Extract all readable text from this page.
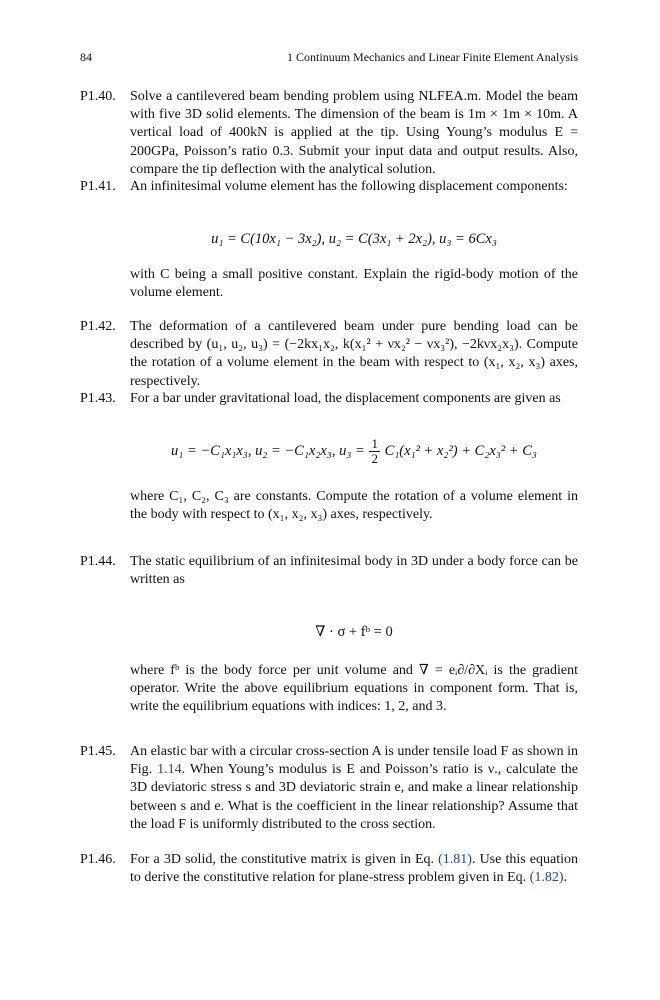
84	1 Continuum Mechanics and Linear Finite Element Analysis
P1.40.	Solve a cantilevered beam bending problem using NLFEA.m. Model the beam with five 3D solid elements. The dimension of the beam is 1m × 1m × 10m. A vertical load of 400kN is applied at the tip. Using Young’s modulus E = 200GPa, Poisson’s ratio 0.3. Submit your input data and output results. Also, compare the tip deflection with the analytical solution.
P1.41.	An infinitesimal volume element has the following displacement components:
u₁ = C(10x₁ − 3x₂), u₂ = C(3x₁ + 2x₂), u₃ = 6Cx₃
with C being a small positive constant. Explain the rigid-body motion of the volume element.
P1.42.	The deformation of a cantilevered beam under pure bending load can be described by (u₁, u₂, u₃) = (−2kx₁x₂, k(x₁² + νx₂² − νx₃²), −2kνx₂x₃). Compute the rotation of a volume element in the beam with respect to (x₁, x₂, x₃) axes, respectively.
P1.43.	For a bar under gravitational load, the displacement components are given as
u₁ = −C₁x₁x₃, u₂ = −C₁x₂x₃, $u_3 = \frac{1}{2} C_1(x_1^2 + x_2^2) + C_2x_3^2 + C_3$
where C₁, C₂, C₃ are constants. Compute the rotation of a volume element in the body with respect to (x₁, x₂, x₃) axes, respectively.
P1.44.	The static equilibrium of an infinitesimal body in 3D under a body force can be written as
∇ · σ + fᵇ = 0
where fᵇ is the body force per unit volume and ∇ = eᵢ∂/∂Xᵢ is the gradient operator. Write the above equilibrium equations in component form. That is, write the equilibrium equations with indices: 1, 2, and 3.
P1.45.	An elastic bar with a circular cross-section A is under tensile load F as shown in Fig. 1.14. When Young’s modulus is E and Poisson’s ratio is ν., calculate the 3D deviatoric stress s and 3D deviatoric strain e, and make a linear relationship between s and e. What is the coefficient in the linear relationship? Assume that the load F is uniformly distributed to the cross section.
P1.46.	For a 3D solid, the constitutive matrix is given in Eq. (1.81). Use this equation to derive the constitutive relation for plane-stress problem given in Eq. (1.82).
